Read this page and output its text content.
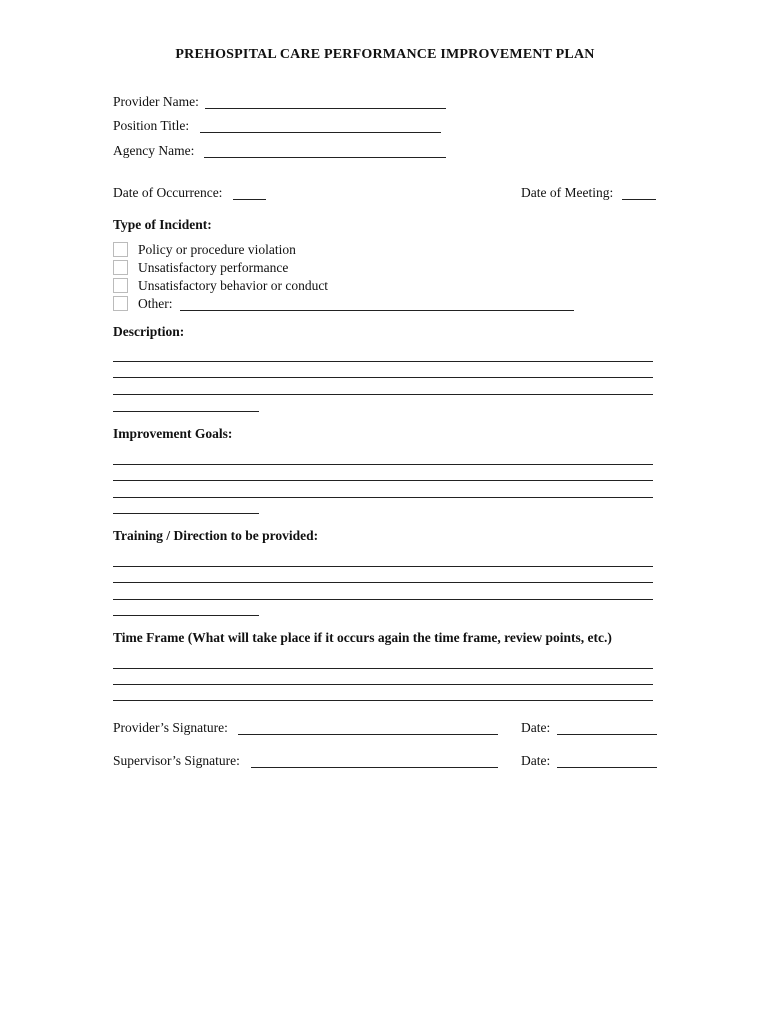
PREHOSPITAL CARE PERFORMANCE IMPROVEMENT PLAN
Provider Name:
Position Title:
Agency Name:
Date of Occurrence:	Date of Meeting:
Type of Incident:
Policy or procedure violation
Unsatisfactory performance
Unsatisfactory behavior or conduct
Other:
Description:
Improvement Goals:
Training / Direction to be provided:
Time Frame (What will take place if it occurs again the time frame, review points, etc.)
Provider’s Signature:	Date:
Supervisor’s Signature:	Date:
